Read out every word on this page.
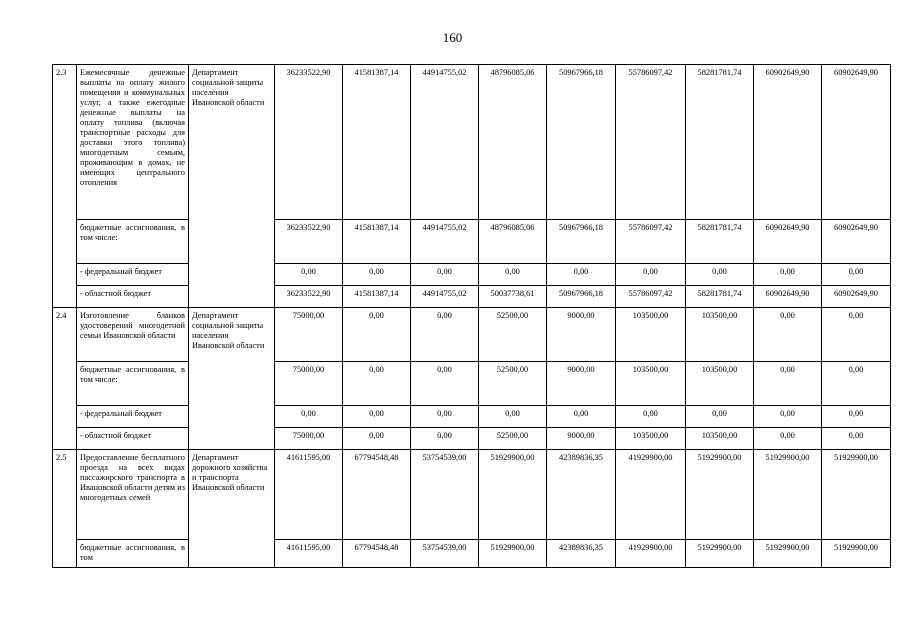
160
2.3	Ежемесячные денежные выплаты на оплату жилого помещения и коммунальных услуг, а также ежегодные денежные выплаты на оплату топлива (включая транспортные расходы для доставки этого топлива) многодетным семьям, проживающим в домах, не имеющих центрального отопления	Департамент социальной защиты населения Ивановской области	36233522,90	41581387,14	44914755,02	48796085,06	50967966,18	55786097,42	58281781,74	60902649,90	60902649,90
	бюджетные ассигнования, в том числе:		36233522,90	41581387,14	44914755,02	48796085,06	50967966,18	55786097,42	58281781,74	60902649,90	60902649,90
	- федеральный бюджет		0,00	0,00	0,00	0,00	0,00	0,00	0,00	0,00	0,00
	- областной бюджет		36233522,90	41581387,14	44914755,02	50037738,61	50967966,18	55786097,42	58281781,74	60902649,90	60902649,90
2.4	Изготовление бланков удостоверений многодетной семьи Ивановской области	Департамент социальной защиты населения Ивановской области	75000,00	0,00	0,00	52500,00	9000,00	103500,00	103500,00	0,00	0,00
	бюджетные ассигнования, в том числе:		75000,00	0,00	0,00	52500,00	9000,00	103500,00	103500,00	0,00	0,00
	- федеральный бюджет		0,00	0,00	0,00	0,00	0,00	0,00	0,00	0,00	0,00
	- областной бюджет		75000,00	0,00	0,00	52500,00	9000,00	103500,00	103500,00	0,00	0,00
2.5	Предоставление бесплатного проезда на всех видах пассажирского транспорта в Ивановской области детям из многодетных семей	Департамент дорожного хозяйства и транспорта Ивановской области	41611595,00	67794548,48	53754539,00	51929900,00	42389836,35	41929900,00	51929900,00	51929900,00	51929900,00
	бюджетные ассигнования, в том		41611595,00	67794548,48	53754539,00	51929900,00	42389836,35	41929900,00	51929900,00	51929900,00	51929900,00
